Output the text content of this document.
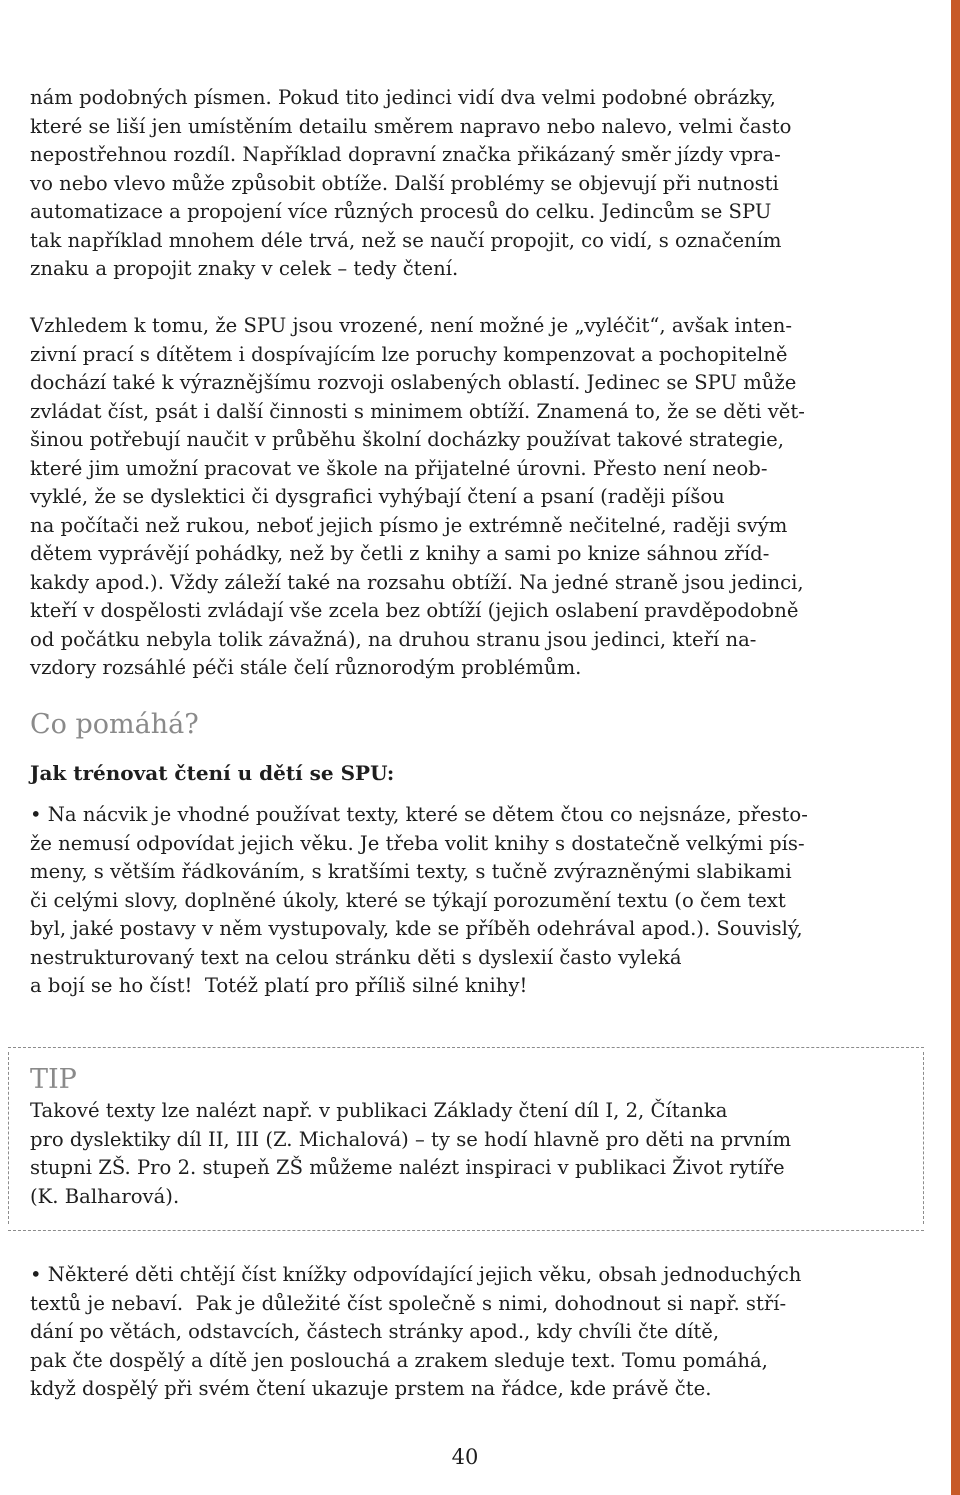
nám podobných písmen. Pokud tito jedinci vidí dva velmi podobné obrázky,
které se liší jen umístěním detailu směrem napravo nebo nalevo, velmi často
nepostřehnou rozdíl. Například dopravní značka přikázaný směr jízdy vpra-
vo nebo vlevo může způsobit obtíže. Další problémy se objevují při nutnosti
automatizace a propojení více různých procesů do celku. Jedincům se SPU
tak například mnohem déle trvá, než se naučí propojit, co vidí, s označením
znaku a propojit znaky v celek – tedy čtení.
Vzhledem k tomu, že SPU jsou vrozené, není možné je „vyléčit“, avšak inten-
zivní prací s dítětem i dospívajícím lze poruchy kompenzovat a pochopitelně
dochází také k výraznějšímu rozvoji oslabených oblastí. Jedinec se SPU může
zvládat číst, psát i další činnosti s minimem obtíží. Znamená to, že se děti vět-
šinou potřebují naučit v průběhu školní docházky používat takové strategie,
které jim umožní pracovat ve škole na přijatelné úrovni. Přesto není neob-
vyklé, že se dyslektici či dysgrafici vyhýbají čtení a psaní (raději píšou
na počítači než rukou, neboť jejich písmo je extrémně nečitelné, raději svým
dětem vyprávějí pohádky, než by četli z knihy a sami po knize sáhnou zříd-
kakdy apod.). Vždy záleží také na rozsahu obtíží. Na jedné straně jsou jedinci,
kteří v dospělosti zvládají vše zcela bez obtíží (jejich oslabení pravděpodobně
od počátku nebyla tolik závažná), na druhou stranu jsou jedinci, kteří na-
vzdory rozsáhlé péči stále čelí různorodým problémům.
Co pomáhá?
Jak trénovat čtení u dětí se SPU:
• Na nácvik je vhodné používat texty, které se dětem čtou co nejsnáze, přesto-
že nemusí odpovídat jejich věku. Je třeba volit knihy s dostatečně velkými pís-
meny, s větším řádkováním, s kratšími texty, s tučně zvýrazněnými slabikami
či celými slovy, doplněné úkoly, které se týkají porozumění textu (o čem text
byl, jaké postavy v něm vystupovaly, kde se příběh odehrával apod.). Souvislý,
nestrukturovaný text na celou stránku děti s dyslexií často vyleká
a bojí se ho číst!  Totéž platí pro příliš silné knihy!
TIP
Takové texty lze nalézt např. v publikaci Základy čtení díl I, 2, Čítanka
pro dyslektiky díl II, III (Z. Michalová) – ty se hodí hlavně pro děti na prvním
stupni ZŠ. Pro 2. stupeň ZŠ můžeme nalézt inspiraci v publikaci Život rytíře
(K. Balharová).
• Některé děti chtějí číst knížky odpovídající jejich věku, obsah jednoduchých
textů je nebaví.  Pak je důležité číst společně s nimi, dohodnout si např. stří-
dání po větách, odstavcích, částech stránky apod., kdy chvíli čte dítě,
pak čte dospělý a dítě jen poslouchá a zrakem sleduje text. Tomu pomáhá,
když dospělý při svém čtení ukazuje prstem na řádce, kde právě čte.
40
